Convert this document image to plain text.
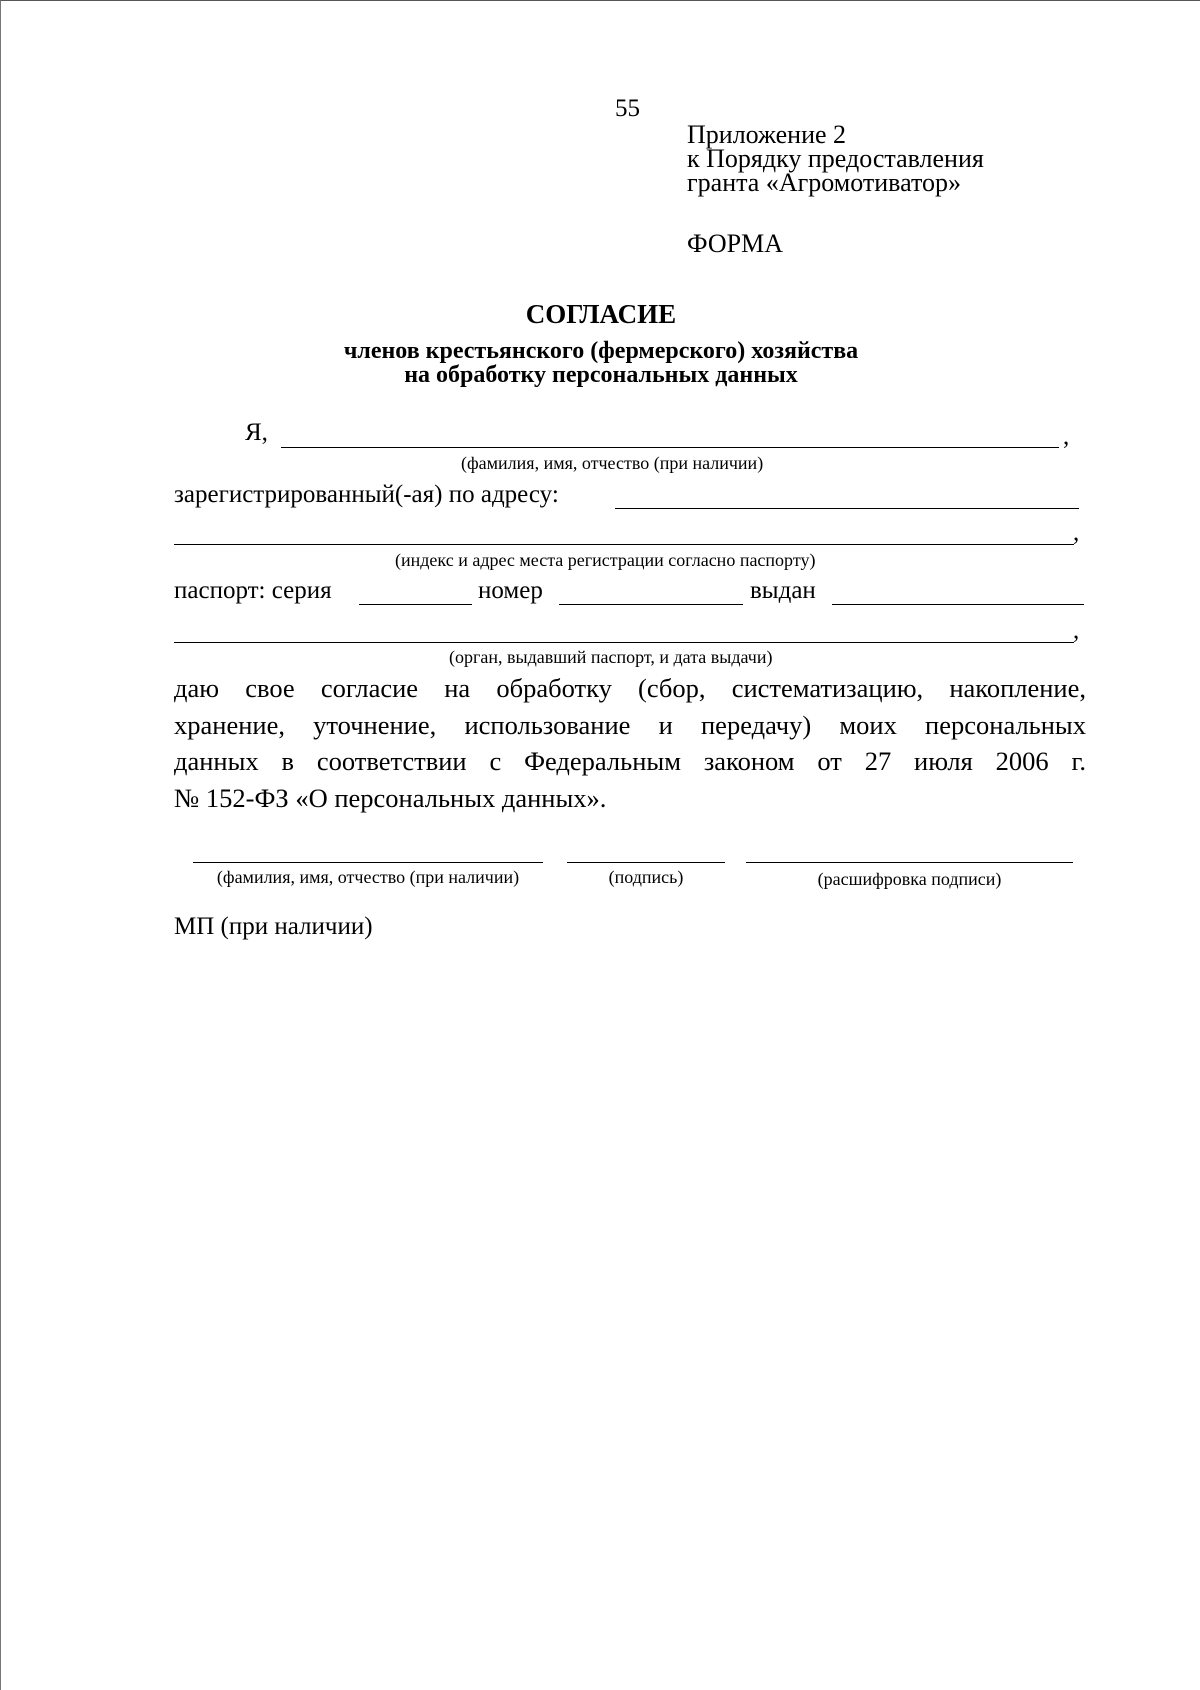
55
Приложение 2
к Порядку предоставления
гранта «Агромотиватор»
ФОРМА
СОГЛАСИЕ
членов крестьянского (фермерского) хозяйства
на обработку персональных данных
Я,	,
(фамилия, имя, отчество (при наличии)
зарегистрированный(-ая) по адресу:
,
(индекс и адрес места регистрации согласно паспорту)
паспорт: серия	номер	выдан
,
(орган, выдавший паспорт, и дата выдачи)
даю свое согласие на обработку (сбор, систематизацию, накопление,
хранение, уточнение, использование и передачу) моих персональных
данных в соответствии с Федеральным законом от 27 июля 2006 г.
№ 152-ФЗ «О персональных данных».
(фамилия, имя, отчество (при наличии)	(подпись)	(расшифровка подписи)
МП (при наличии)
